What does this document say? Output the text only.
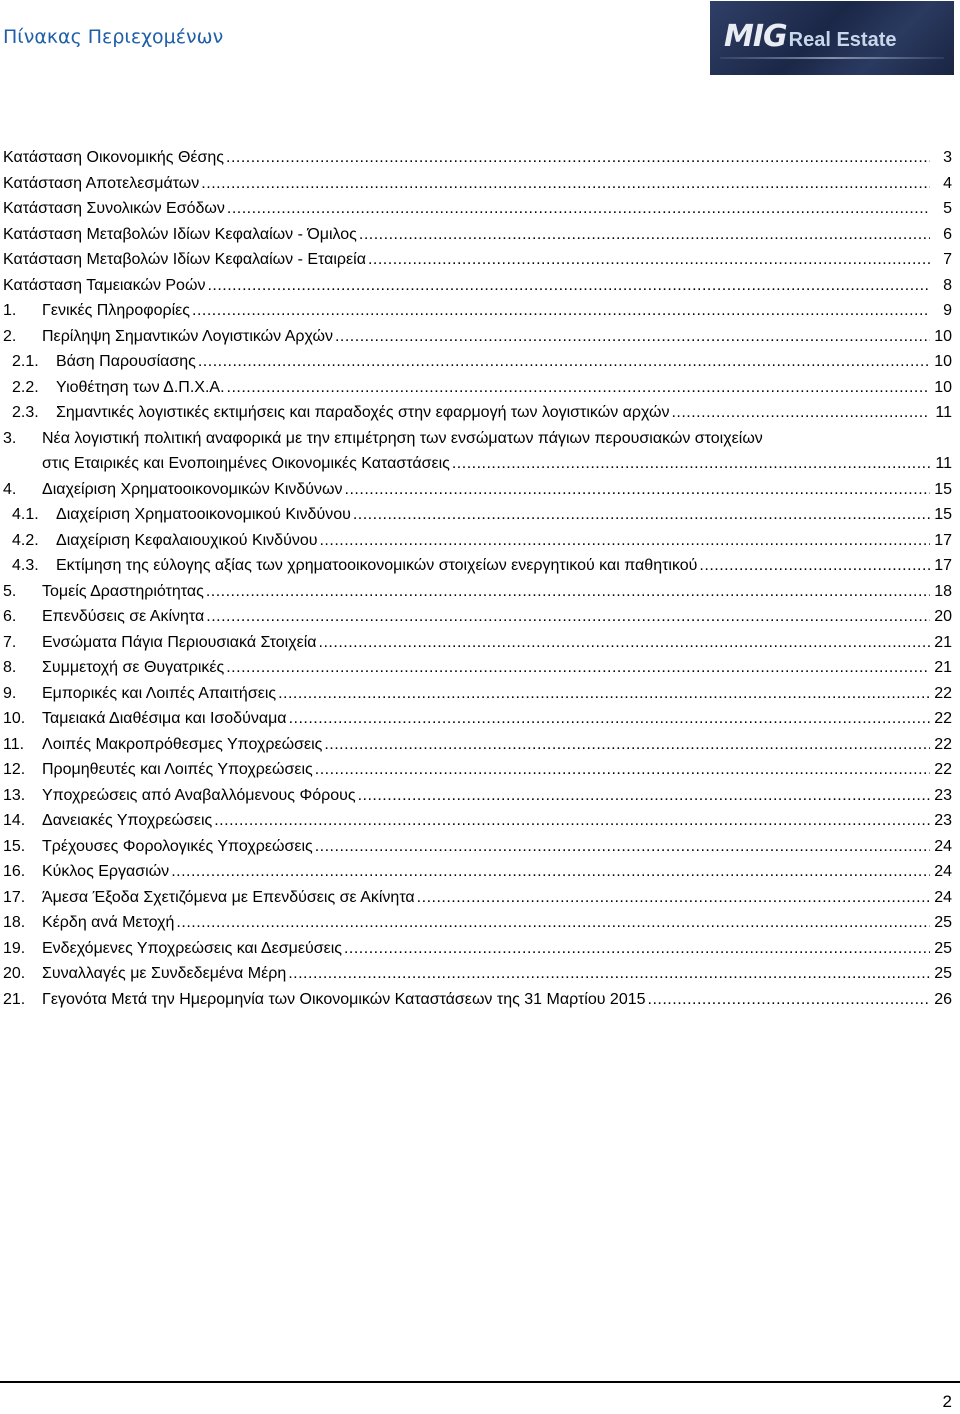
Πίνακας Περιεχομένων	MIG Real Estate
Κατάσταση Οικονομικής Θέσης .....	3
Κατάσταση Αποτελεσμάτων .....	4
Κατάσταση Συνολικών Εσόδων .....	5
Κατάσταση Μεταβολών Ιδίων Κεφαλαίων - Όμιλος .....	6
Κατάσταση Μεταβολών Ιδίων Κεφαλαίων - Εταιρεία .....	7
Κατάσταση Ταμειακών Ροών .....	8
1.	Γενικές Πληροφορίες .....	9
2.	Περίληψη Σημαντικών Λογιστικών Αρχών .....	10
2.1.	Βάση Παρουσίασης .....	10
2.2.	Υιοθέτηση των Δ.Π.Χ.Α. .....	10
2.3.	Σημαντικές λογιστικές εκτιμήσεις και παραδοχές στην εφαρμογή των λογιστικών αρχών .....	11
3.	Νέα λογιστική πολιτική αναφορικά με την επιμέτρηση των ενσώματων πάγιων περουσιακών στοιχείων
στις Εταιρικές και Ενοποιημένες Οικονομικές Καταστάσεις .....	11
4.	Διαχείριση Χρηματοοικονομικών Κινδύνων .....	15
4.1.	Διαχείριση Χρηματοοικονομικού Κινδύνου .....	15
4.2.	Διαχείριση Κεφαλαιουχικού Κινδύνου .....	17
4.3.	Εκτίμηση της εύλογης αξίας των χρηματοοικονομικών στοιχείων ενεργητικού και παθητικού .....	17
5.	Τομείς Δραστηριότητας .....	18
6.	Επενδύσεις σε Ακίνητα .....	20
7.	Ενσώματα Πάγια Περιουσιακά Στοιχεία .....	21
8.	Συμμετοχή σε Θυγατρικές .....	21
9.	Εμπορικές και Λοιπές Απαιτήσεις .....	22
10.	Ταμειακά Διαθέσιμα και Ισοδύναμα .....	22
11.	Λοιπές Μακροπρόθεσμες Υποχρεώσεις .....	22
12.	Προμηθευτές και Λοιπές Υποχρεώσεις .....	22
13.	Υποχρεώσεις από Αναβαλλόμενους Φόρους .....	23
14.	Δανειακές Υποχρεώσεις .....	23
15.	Τρέχουσες Φορολογικές Υποχρεώσεις .....	24
16.	Κύκλος Εργασιών .....	24
17.	Άμεσα Έξοδα Σχετιζόμενα με Επενδύσεις σε Ακίνητα .....	24
18.	Κέρδη ανά Μετοχή .....	25
19.	Ενδεχόμενες Υποχρεώσεις και Δεσμεύσεις .....	25
20.	Συναλλαγές με Συνδεδεμένα Μέρη .....	25
21.	Γεγονότα Μετά την Ημερομηνία των Οικονομικών Καταστάσεων της 31 Μαρτίου 2015 .....	26
2
